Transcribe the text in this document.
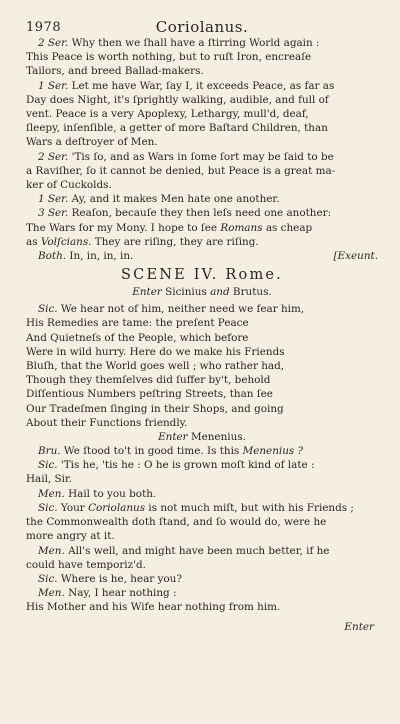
1978	Coriolanus.
2 Ser. Why then we ſhall have a ſtirring World again :
This Peace is worth nothing, but to ruſt Iron, encreaſe
Tailors, and breed Ballad-makers.
1 Ser. Let me have War, ſay I, it exceeds Peace, as far as
Day does Night, it's ſprightly walking, audible, and full of
vent. Peace is a very Apoplexy, Lethargy, mull'd, deaf,
ſleepy, inſenſible, a getter of more Baſtard Children, than
Wars a deſtroyer of Men.
2 Ser. 'Tis ſo, and as Wars in ſome ſort may be ſaid to be
a Raviſher, ſo it cannot be denied, but Peace is a great ma-
ker of Cuckolds.
1 Ser. Ay, and it makes Men hate one another.
3 Ser. Reaſon, becauſe they then leſs need one another:
The Wars for my Mony. I hope to ſee Romans as cheap
as Volſcians. They are riſing, they are riſing.
Both. In, in, in, in.	[Exeunt.
SCENE IV. Rome.
Enter Sicinius and Brutus.
Sic. We hear not of him, neither need we fear him,
His Remedies are tame: the preſent Peace
And Quietneſs of the People, which before
Were in wild hurry. Here do we make his Friends
Bluſh, that the World goes well ; who rather had,
Though they themſelves did ſuffer by't, behold
Diſſentious Numbers peſtring Streets, than ſee
Our Tradeſmen ſinging in their Shops, and going
About their Functions friendly.
Enter Menenius.
Bru. We ſtood to't in good time. Is this Menenius ?
Sic. 'Tis he, 'tis he : O he is grown moſt kind of late :
Hail, Sir.
Men. Hail to you both.
Sic. Your Coriolanus is not much miſt, but with his Friends ;
the Commonwealth doth ſtand, and ſo would do, were he
more angry at it.
Men. All's well, and might have been much better, if he
could have temporiz'd.
Sic. Where is he, hear you?
Men. Nay, I hear nothing :
His Mother and his Wife hear nothing from him.
Enter
